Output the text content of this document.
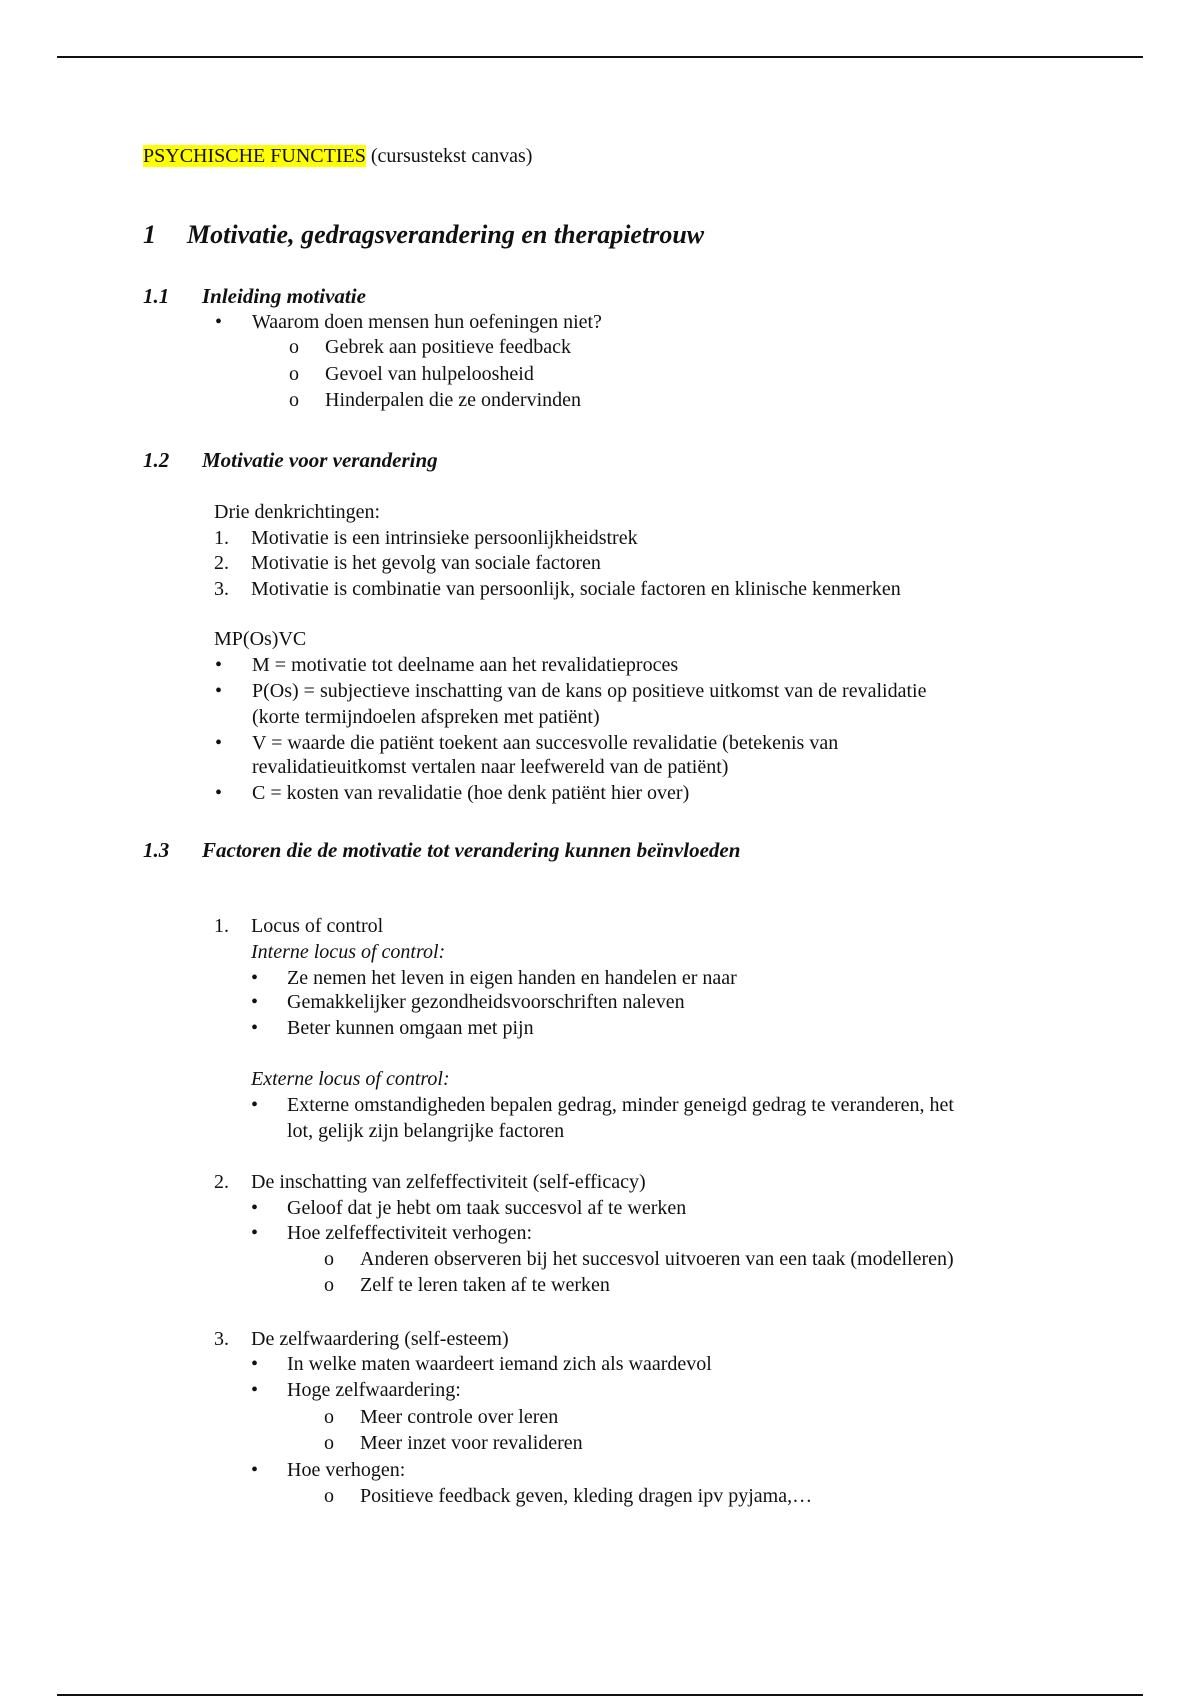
PSYCHISCHE FUNCTIES (cursustekst canvas)
1 Motivatie, gedragsverandering en therapietrouw
1.1 Inleiding motivatie
• Waarom doen mensen hun oefeningen niet?
o Gebrek aan positieve feedback
o Gevoel van hulpeloosheid
o Hinderpalen die ze ondervinden
1.2 Motivatie voor verandering
Drie denkrichtingen:
1. Motivatie is een intrinsieke persoonlijkheidstrek
2. Motivatie is het gevolg van sociale factoren
3. Motivatie is combinatie van persoonlijk, sociale factoren en klinische kenmerken
MP(Os)VC
• M = motivatie tot deelname aan het revalidatieproces
• P(Os) = subjectieve inschatting van de kans op positieve uitkomst van de revalidatie
(korte termijndoelen afspreken met patiënt)
• V = waarde die patiënt toekent aan succesvolle revalidatie (betekenis van
revalidatieuitkomst vertalen naar leefwereld van de patiënt)
• C = kosten van revalidatie (hoe denk patiënt hier over)
1.3 Factoren die de motivatie tot verandering kunnen beïnvloeden
1. Locus of control
Interne locus of control:
• Ze nemen het leven in eigen handen en handelen er naar
• Gemakkelijker gezondheidsvoorschriften naleven
• Beter kunnen omgaan met pijn
Externe locus of control:
• Externe omstandigheden bepalen gedrag, minder geneigd gedrag te veranderen, het
lot, gelijk zijn belangrijke factoren
2. De inschatting van zelfeffectiviteit (self-efficacy)
• Geloof dat je hebt om taak succesvol af te werken
• Hoe zelfeffectiviteit verhogen:
o Anderen observeren bij het succesvol uitvoeren van een taak (modelleren)
o Zelf te leren taken af te werken
3. De zelfwaardering (self-esteem)
• In welke maten waardeert iemand zich als waardevol
• Hoge zelfwaardering:
o Meer controle over leren
o Meer inzet voor revalideren
• Hoe verhogen:
o Positieve feedback geven, kleding dragen ipv pyjama,…
